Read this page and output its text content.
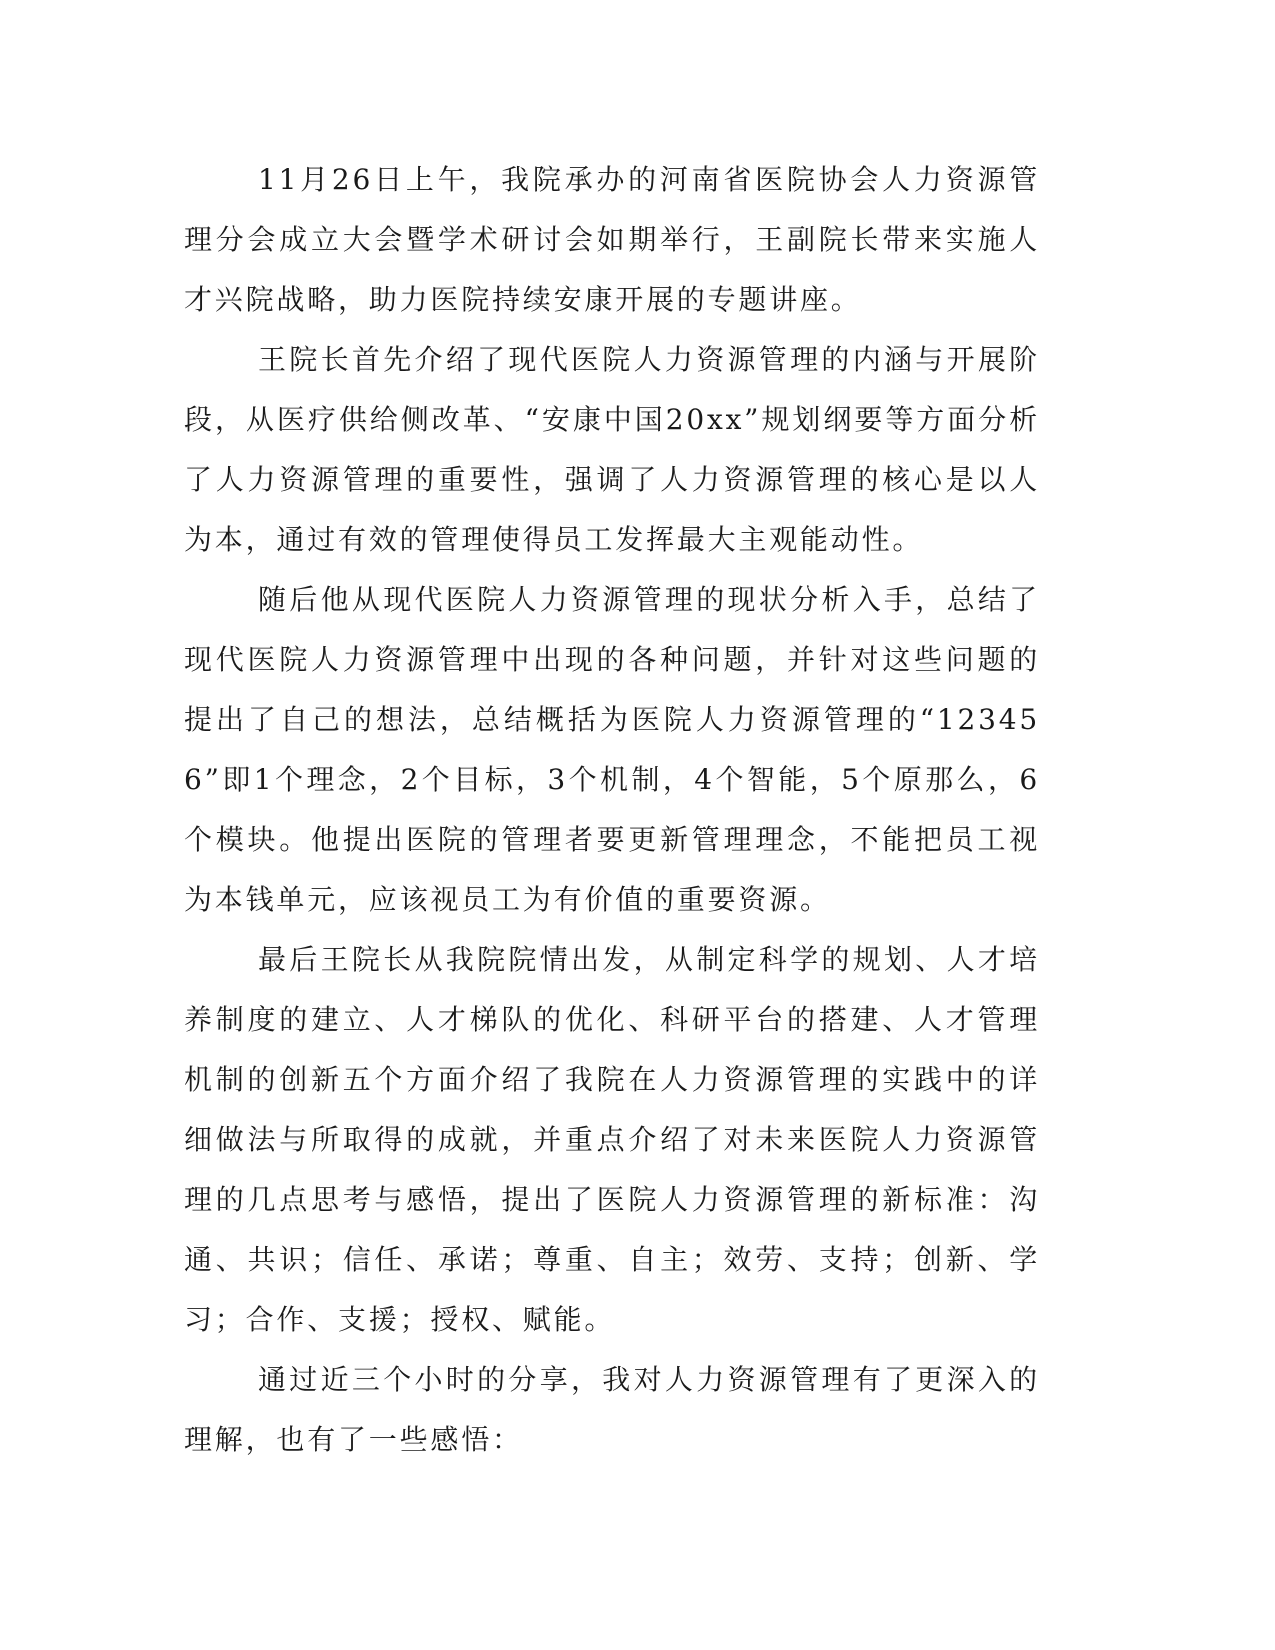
11月26日上午，我院承办的河南省医院协会人力资源管理分会成立大会暨学术研讨会如期举行，王副院长带来实施人才兴院战略，助力医院持续安康开展的专题讲座。

王院长首先介绍了现代医院人力资源管理的内涵与开展阶段，从医疗供给侧改革、“安康中国20xx”规划纲要等方面分析了人力资源管理的重要性，强调了人力资源管理的核心是以人为本，通过有效的管理使得员工发挥最大主观能动性。

随后他从现代医院人力资源管理的现状分析入手，总结了现代医院人力资源管理中出现的各种问题，并针对这些问题的提出了自己的想法，总结概括为医院人力资源管理的“123456”即1个理念，2个目标，3个机制，4个智能，5个原那么，6个模块。他提出医院的管理者要更新管理理念，不能把员工视为本钱单元，应该视员工为有价值的重要资源。

最后王院长从我院院情出发，从制定科学的规划、人才培养制度的建立、人才梯队的优化、科研平台的搭建、人才管理机制的创新五个方面介绍了我院在人力资源管理的实践中的详细做法与所取得的成就，并重点介绍了对未来医院人力资源管理的几点思考与感悟，提出了医院人力资源管理的新标准：沟通、共识；信任、承诺；尊重、自主；效劳、支持；创新、学习；合作、支援；授权、赋能。

通过近三个小时的分享，我对人力资源管理有了更深入的理解，也有了一些感悟：
